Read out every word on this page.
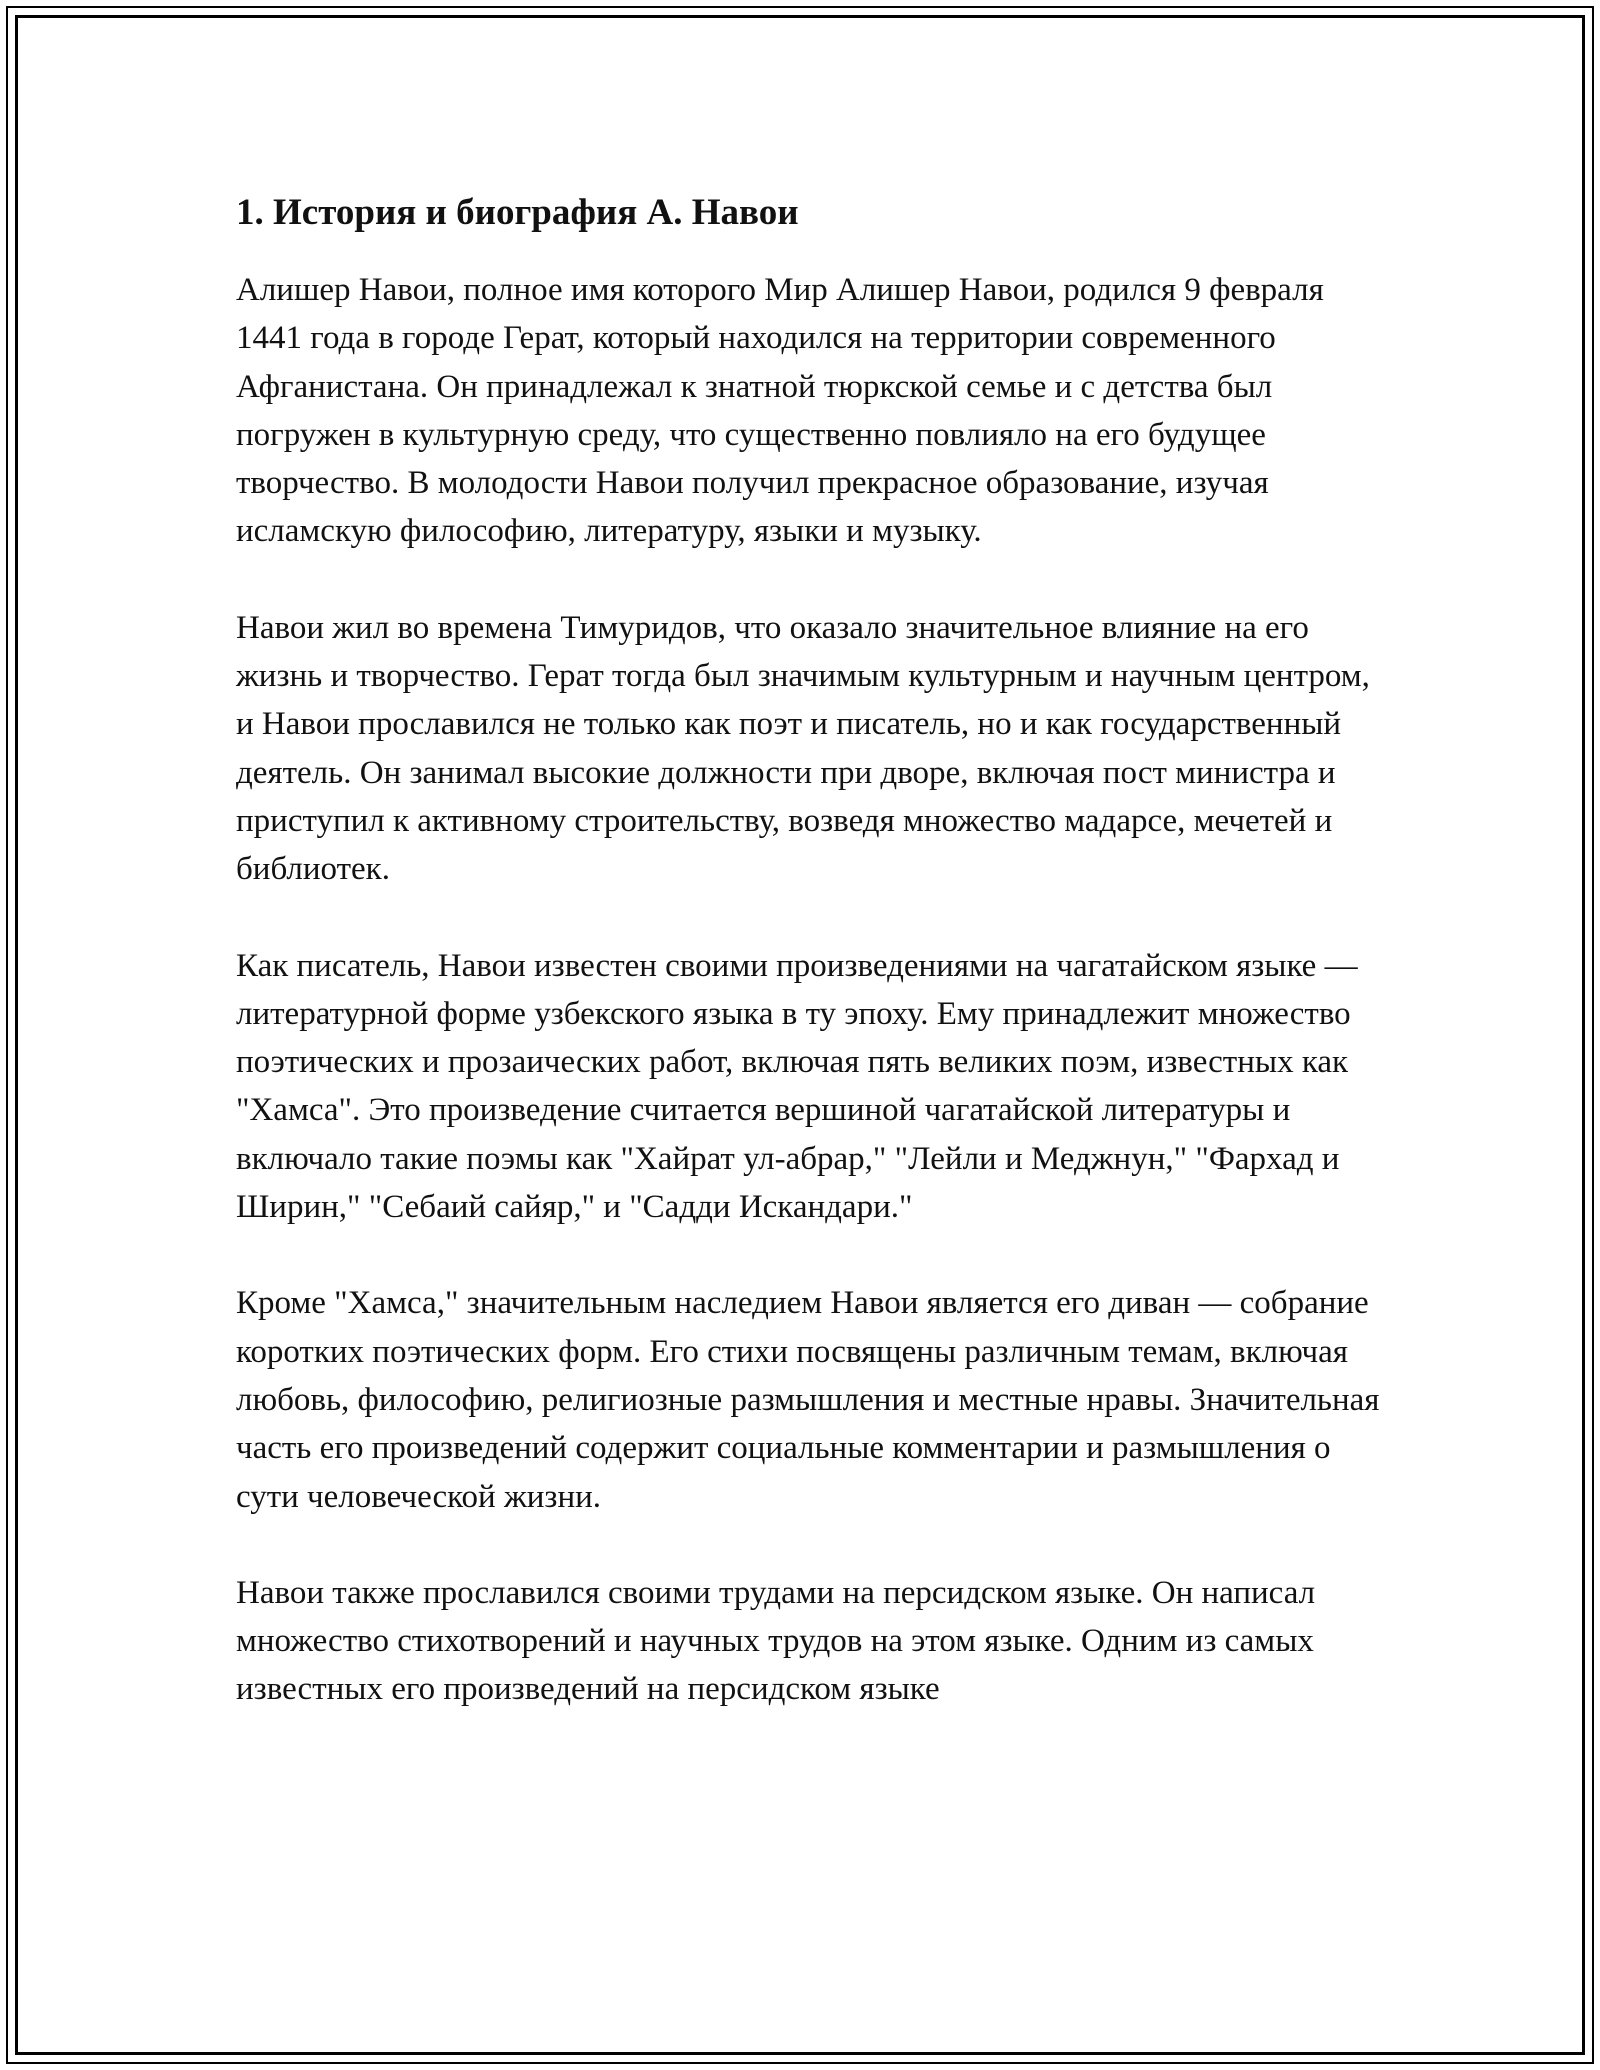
1. История и биография А. Навои

Алишер Навои, полное имя которого Мир Алишер Навои, родился 9 февраля 1441 года в городе Герат, который находился на территории современного Афганистана. Он принадлежал к знатной тюркской семье и с детства был погружен в культурную среду, что существенно повлияло на его будущее творчество. В молодости Навои получил прекрасное образование, изучая исламскую философию, литературу, языки и музыку.

Навои жил во времена Тимуридов, что оказало значительное влияние на его жизнь и творчество. Герат тогда был значимым культурным и научным центром, и Навои прославился не только как поэт и писатель, но и как государственный деятель. Он занимал высокие должности при дворе, включая пост министра и приступил к активному строительству, возведя множество мадарсе, мечетей и библиотек.

Как писатель, Навои известен своими произведениями на чагатайском языке — литературной форме узбекского языка в ту эпоху. Ему принадлежит множество поэтических и прозаических работ, включая пять великих поэм, известных как "Хамса". Это произведение считается вершиной чагатайской литературы и включало такие поэмы как "Хайрат ул-абрар," "Лейли и Меджнун," "Фархад и Ширин," "Себаий сайяр," и "Садди Искандари."

Кроме "Хамса," значительным наследием Навои является его диван — собрание коротких поэтических форм. Его стихи посвящены различным темам, включая любовь, философию, религиозные размышления и местные нравы. Значительная часть его произведений содержит социальные комментарии и размышления о сути человеческой жизни.

Навои также прославился своими трудами на персидском языке. Он написал множество стихотворений и научных трудов на этом языке. Одним из самых известных его произведений на персидском языке
